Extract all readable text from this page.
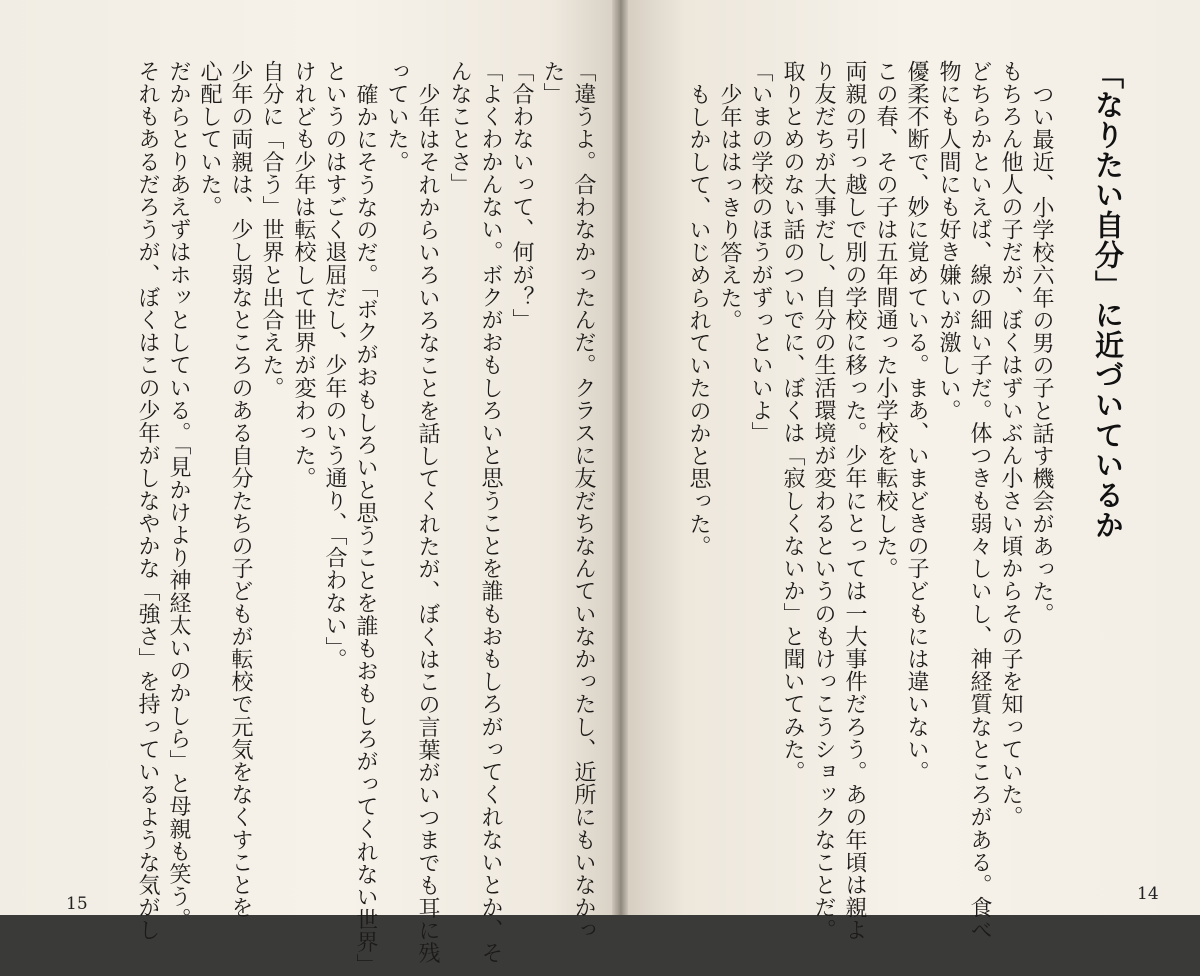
「なりたい自分」に近づいているか
つい最近、小学校六年の男の子と話す機会があった。
もちろん他人の子だが、ぼくはずいぶん小さい頃からその子を知っていた。
どちらかといえば、線の細い子だ。体つきも弱々しいし、神経質なところがある。食べ
物にも人間にも好き嫌いが激しい。
優柔不断で、妙に覚めている。まあ、いまどきの子どもには違いない。
この春、その子は五年間通った小学校を転校した。
両親の引っ越しで別の学校に移った。少年にとっては一大事件だろう。あの年頃は親よ
り友だちが大事だし、自分の生活環境が変わるというのもけっこうショックなことだ。
取りとめのない話のついでに、ぼくは「寂しくないか」と聞いてみた。
「いまの学校のほうがずっといいよ」
少年ははっきり答えた。
もしかして、いじめられていたのかと思った。
14
「違うよ。合わなかったんだ。クラスに友だちなんていなかったし、近所にもいなかっ
た」
「合わないって、何が？」
「よくわかんない。ボクがおもしろいと思うことを誰もおもしろがってくれないとか、そ
んなことさ」
少年はそれからいろいろなことを話してくれたが、ぼくはこの言葉がいつまでも耳に残
っていた。
確かにそうなのだ。「ボクがおもしろいと思うことを誰もおもしろがってくれない世界」
というのはすごく退屈だし、少年のいう通り、「合わない」。
けれども少年は転校して世界が変わった。
自分に「合う」世界と出合えた。
少年の両親は、少し弱なところのある自分たちの子どもが転校で元気をなくすことを
心配していた。
だからとりあえずはホッとしている。「見かけより神経太いのかしら」と母親も笑う。
それもあるだろうが、ぼくはこの少年がしなやかな「強さ」を持っているような気がし
15
